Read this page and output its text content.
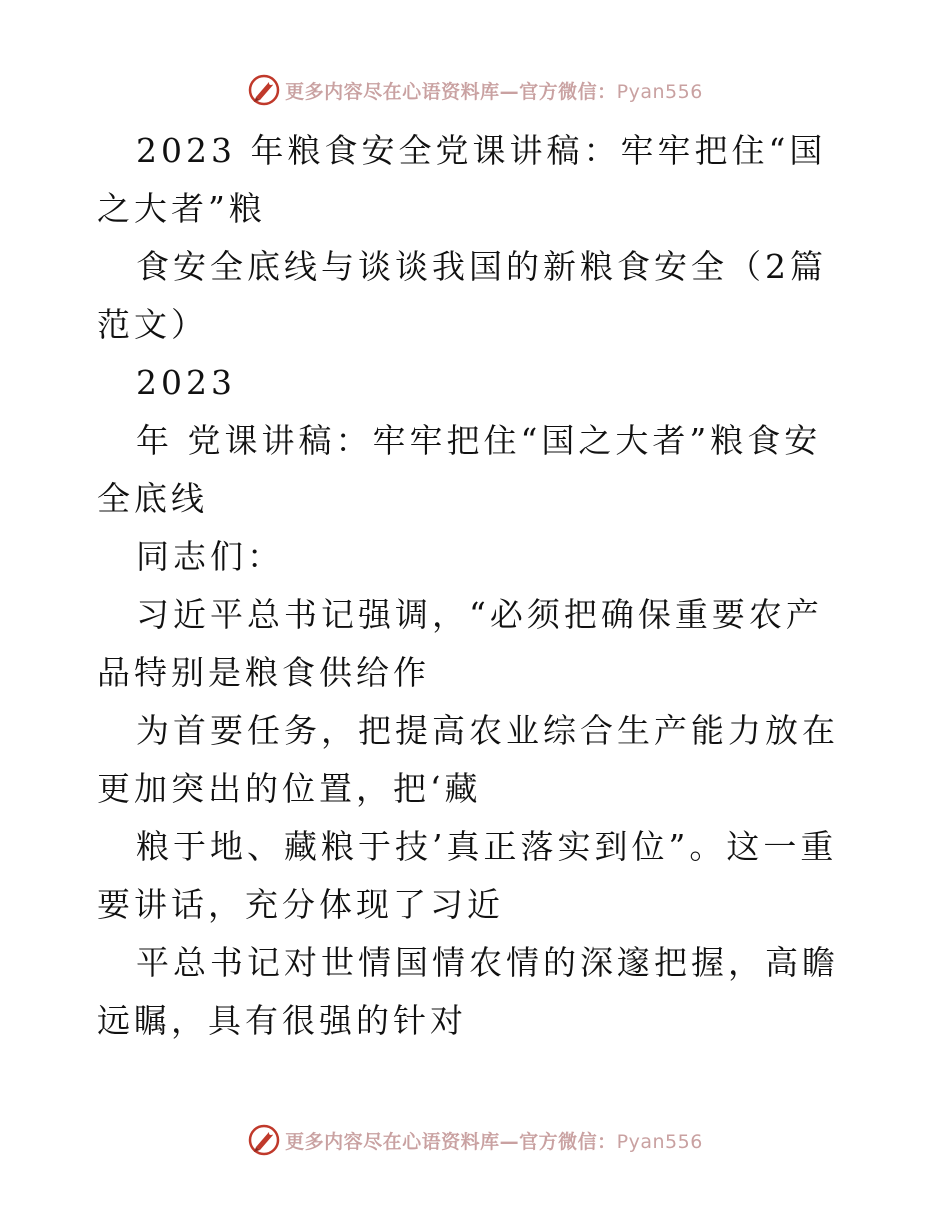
更多内容尽在心语资料库—官方微信：Pyan556

2023 年粮食安全党课讲稿：牢牢把住“国之大者”粮

食安全底线与谈谈我国的新粮食安全（2篇范文）

2023

年 党课讲稿：牢牢把住“国之大者”粮食安全底线

同志们：

习近平总书记强调，“必须把确保重要农产品特别是粮食供给作

为首要任务，把提高农业综合生产能力放在更加突出的位置，把‘藏

粮于地、藏粮于技’真正落实到位”。这一重要讲话，充分体现了习近

平总书记对世情国情农情的深邃把握，高瞻远瞩，具有很强的针对

更多内容尽在心语资料库—官方微信：Pyan556
